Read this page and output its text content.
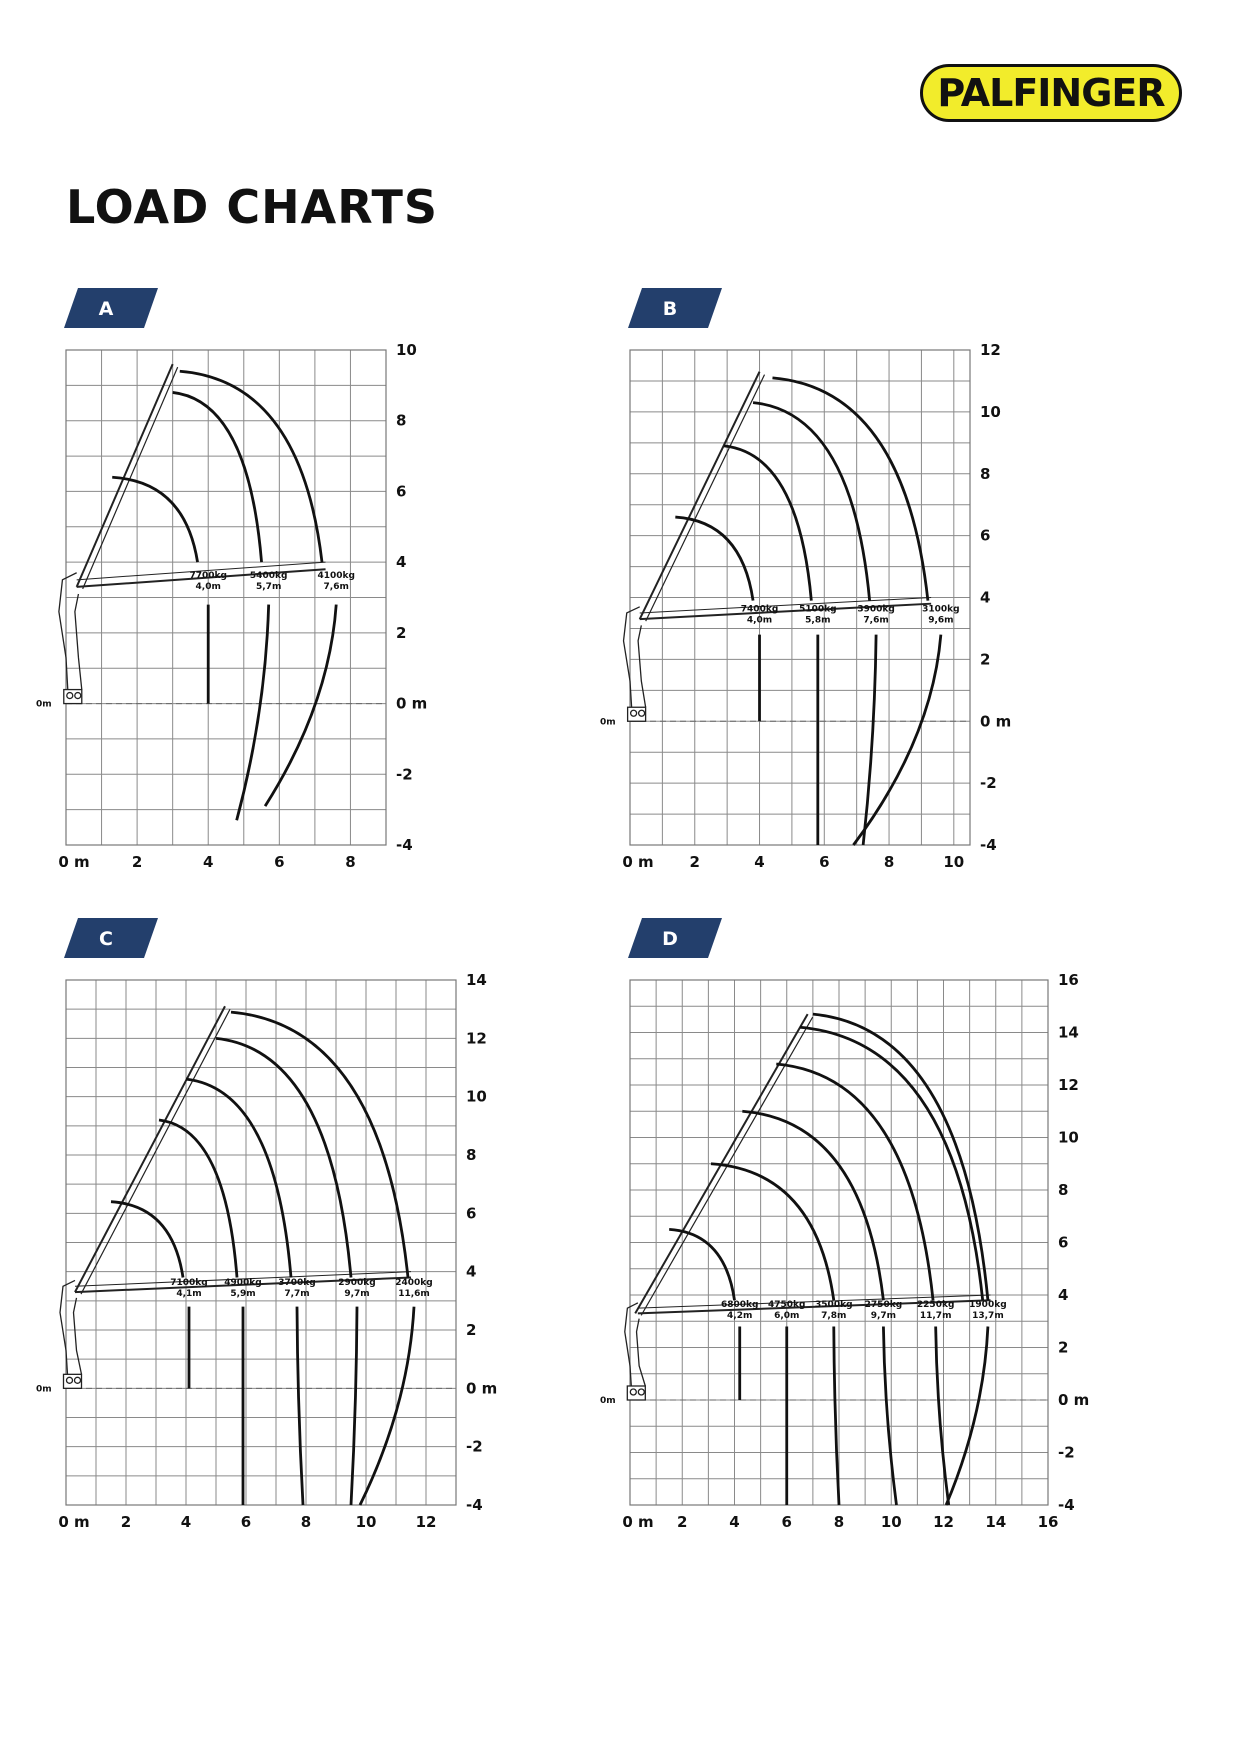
PALFINGER
LOAD CHARTS
A
0 m	2	4	6	8
10
8
6
4
2
0 m
-2
-4
0m
7700kg
4,0m
5400kg
5,7m
4100kg
7,6m
B
0 m 2	4	6	8	10
12
10
8
6
4
2
0 m
-2
-4
0m
7400kg
4,0m
5100kg
5,8m
3900kg
7,6m
3100kg
9,6m
C
0 m 2	4	6	8	10	12
14
12
10
8
6
4
2
0 m
-2
-4
0m
7100kg
4,1m
4900kg
5,9m
3700kg
7,7m
2900kg
9,7m
2400kg
11,6m
D
0 m 2	4	6	8 10 12 14 16
16
14
12
10
8
6
4
2
0 m
-2
-4
0m
6800kg
4,2m
4750kg
6,0m
3500kg
7,8m
2750kg
9,7m
2250kg
11,7m
1900kg
13,7m
